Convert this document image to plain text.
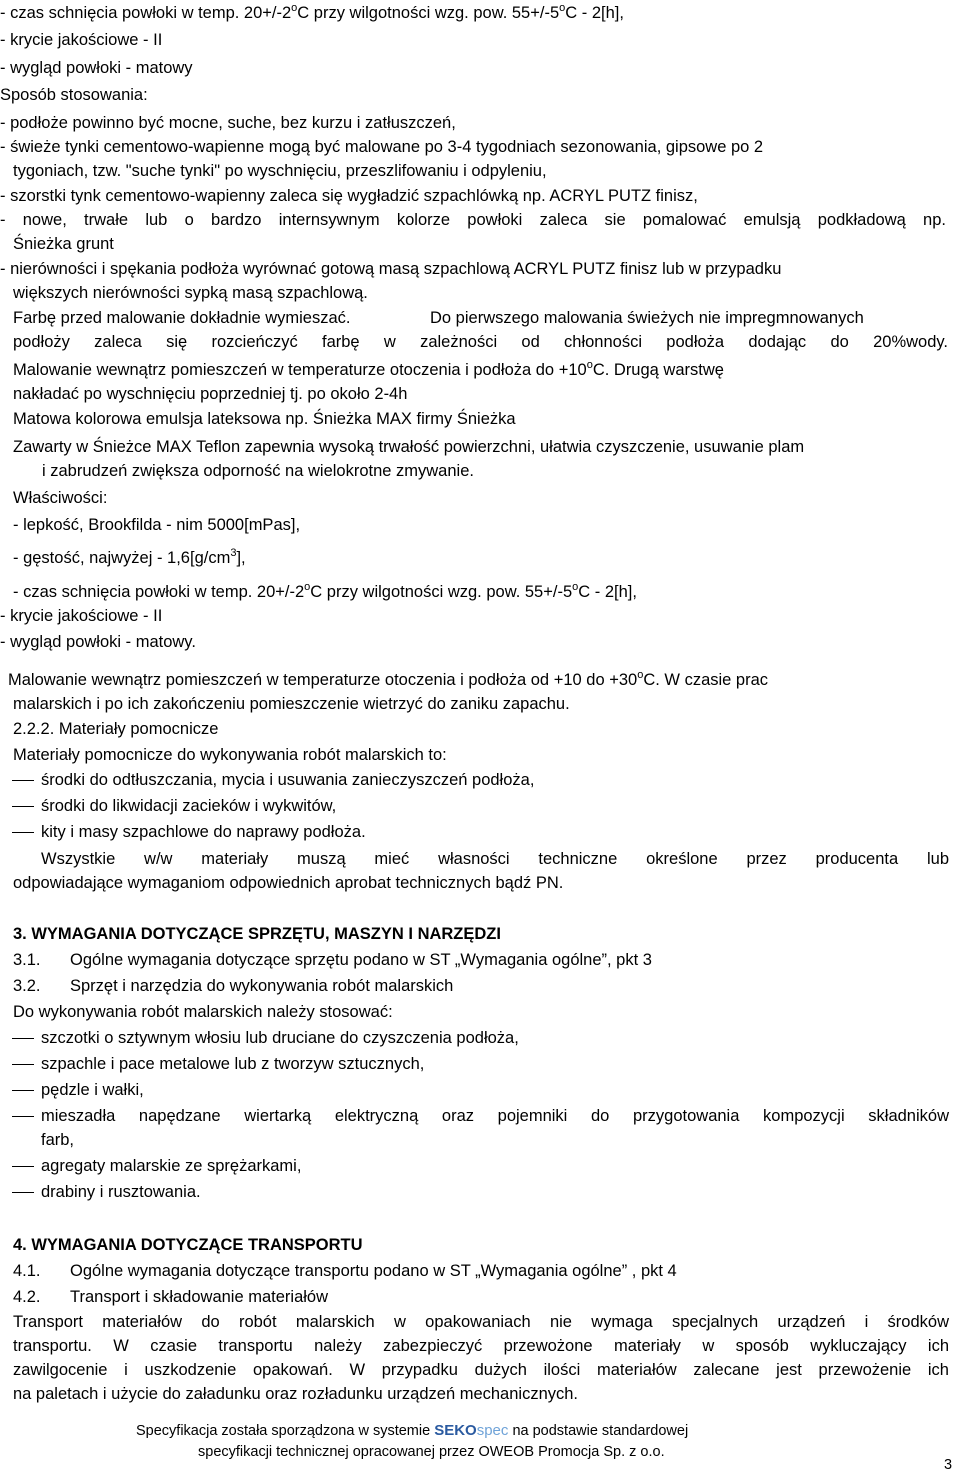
- czas schnięcia powłoki w temp. $20+/-2^oC$ przy wilgotności wzg. pow. $55+/-5^oC - 2[h]$,
- krycie jakościowe - II
- wygląd powłoki - matowy
Sposób stosowania:
- podłoże powinno być mocne, suche, bez kurzu i zatłuszczeń,
- świeże tynki cementowo-wapienne mogą być malowane po 3-4 tygodniach sezonowania, gipsowe po 2
tygoniach, tzw. "suche tynki" po wyschnięciu, przeszlifowaniu i odpyleniu,
- szorstki tynk cementowo-wapienny zaleca się wygładzić szpachlówką np. ACRYL PUTZ finisz,
- nowe, trwałe lub o bardzo internsywnym kolorze powłoki zaleca sie pomalować emulsją podkładową np.
Śnieżka grunt
- nierówności i spękania podłoża wyrównać gotową masą szpachlową ACRYL PUTZ finisz lub w przypadku
większych nierówności sypką masą szpachlową.
Farbę przed malowanie dokładnie wymieszać.	Do pierwszego malowania świeżych nie impregmnowanych
podłoży zaleca się rozcieńczyć farbę w zależności od chłonności podłoża dodając do 20%wody.
Malowanie wewnątrz pomieszczeń w temperaturze otoczenia i podłoża do $+10^oC$. Drugą warstwę
nakładać po wyschnięciu poprzedniej tj. po około 2-4h
Matowa kolorowa emulsja lateksowa np. Śnieżka MAX firmy Śnieżka
Zawarty w Śnieżce MAX Teflon zapewnia wysoką trwałość powierzchni, ułatwia czyszczenie, usuwanie plam
i zabrudzeń zwiększa odporność na wielokrotne zmywanie.
Właściwości:
- lepkość, Brookfilda - nim 5000[mPas],
- gęstość, najwyżej - $1,6[g/cm^3]$,
- czas schnięcia powłoki w temp. $20+/-2^oC$ przy wilgotności wzg. pow. $55+/-5^oC - 2[h]$,
- krycie jakościowe - II
- wygląd powłoki - matowy.
Malowanie wewnątrz pomieszczeń w temperaturze otoczenia i podłoża od +10 do $+30^oC$. W czasie prac
malarskich i po ich zakończeniu pomieszczenie wietrzyć do zaniku zapachu.
2.2.2. Materiały pomocnicze
Materiały pomocnicze do wykonywania robót malarskich to:
środki do odtłuszczania, mycia i usuwania zanieczyszczeń podłoża,
środki do likwidacji zacieków i wykwitów,
kity i masy szpachlowe do naprawy podłoża.
Wszystkie w/w materiały muszą mieć własności techniczne określone przez producenta lub
odpowiadające wymaganiom odpowiednich aprobat technicznych bądź PN.
3. WYMAGANIA DOTYCZĄCE SPRZĘTU, MASZYN I NARZĘDZI
3.1. Ogólne wymagania dotyczące sprzętu podano w ST „Wymagania ogólne”, pkt 3
3.2. Sprzęt i narzędzia do wykonywania robót malarskich
Do wykonywania robót malarskich należy stosować:
szczotki o sztywnym włosiu lub druciane do czyszczenia podłoża,
szpachle i pace metalowe lub z tworzyw sztucznych,
pędzle i wałki,
mieszadła napędzane wiertarką elektryczną oraz pojemniki do przygotowania kompozycji składników
farb,
agregaty malarskie ze sprężarkami,
drabiny i rusztowania.
4. WYMAGANIA DOTYCZĄCE TRANSPORTU
4.1. Ogólne wymagania dotyczące transportu podano w ST „Wymagania ogólne” , pkt 4
4.2. Transport i składowanie materiałów
Transport materiałów do robót malarskich w opakowaniach nie wymaga specjalnych urządzeń i środków
transportu. W czasie transportu należy zabezpieczyć przewożone materiały w sposób wykluczający ich
zawilgocenie i uszkodzenie opakowań. W przypadku dużych ilości materiałów zalecane jest przewożenie ich
na paletach i użycie do załadunku oraz rozładunku urządzeń mechanicznych.
Specyfikacja została sporządzona w systemie SEKOspec na podstawie standardowej
specyfikacji technicznej opracowanej przez OWEOB Promocja Sp. z o.o.
3
